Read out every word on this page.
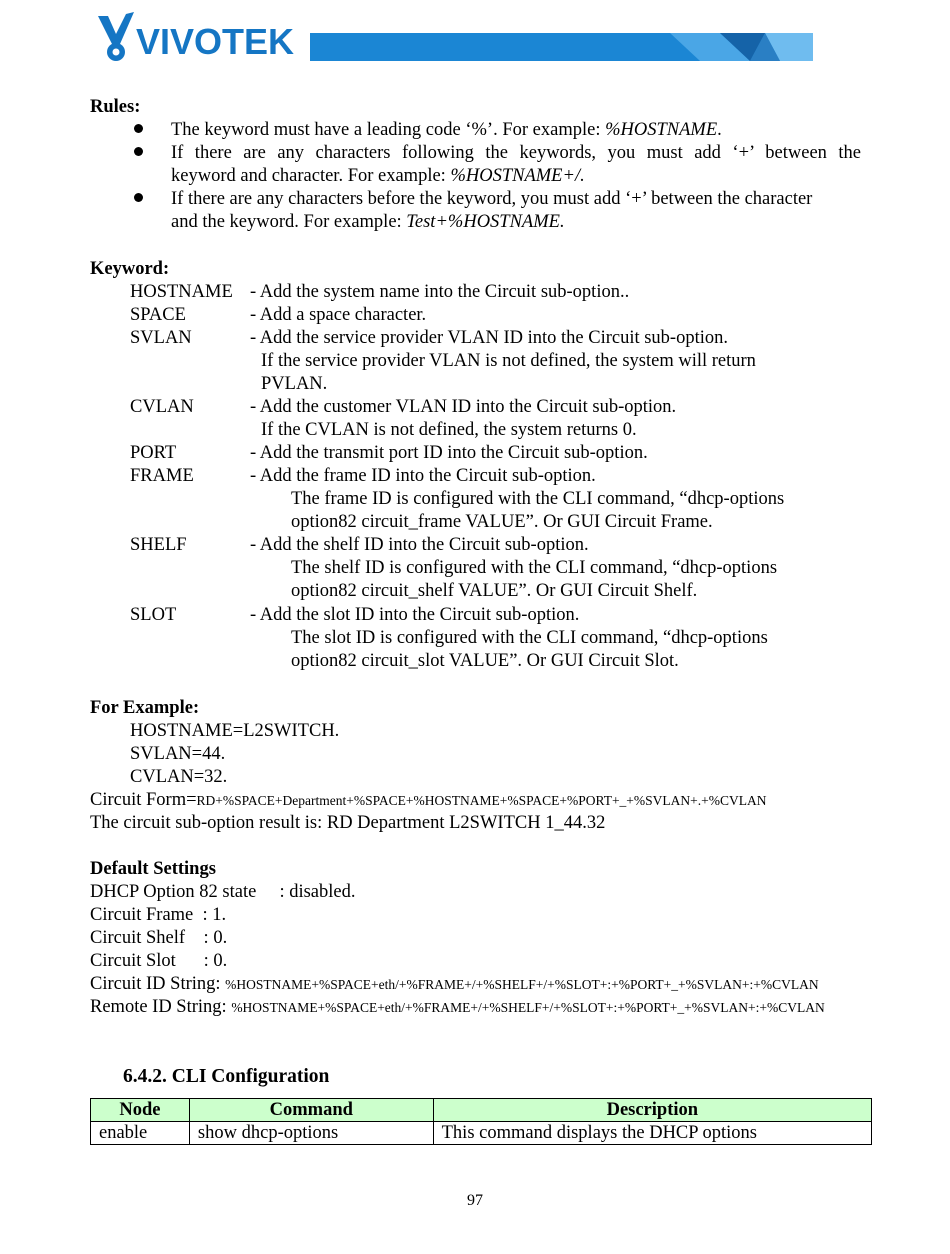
VIVOTEK
Rules:
The keyword must have a leading code ‘%’. For example: %HOSTNAME.
If there are any characters following the keywords, you must add ‘+’ between the
keyword and character. For example: %HOSTNAME+/.
If there are any characters before the keyword, you must add ‘+’ between the character
and the keyword. For example: Test+%HOSTNAME.
Keyword:
HOSTNAME - Add the system name into the Circuit sub-option..
SPACE	- Add a space character.
SVLAN	- Add the service provider VLAN ID into the Circuit sub-option.
If the service provider VLAN is not defined, the system will return
PVLAN.
CVLAN	- Add the customer VLAN ID into the Circuit sub-option.
If the CVLAN is not defined, the system returns 0.
PORT	- Add the transmit port ID into the Circuit sub-option.
FRAME	- Add the frame ID into the Circuit sub-option.
The frame ID is configured with the CLI command, “dhcp-options
option82 circuit_frame VALUE”. Or GUI Circuit Frame.
SHELF	- Add the shelf ID into the Circuit sub-option.
The shelf ID is configured with the CLI command, “dhcp-options
option82 circuit_shelf VALUE”. Or GUI Circuit Shelf.
SLOT	- Add the slot ID into the Circuit sub-option.
The slot ID is configured with the CLI command, “dhcp-options
option82 circuit_slot VALUE”. Or GUI Circuit Slot.
For Example:
HOSTNAME=L2SWITCH.
SVLAN=44.
CVLAN=32.
Circuit Form=RD+%SPACE+Department+%SPACE+%HOSTNAME+%SPACE+%PORT+_+%SVLAN+.+%CVLAN
The circuit sub-option result is: RD Department L2SWITCH 1_44.32
Default Settings
DHCP Option 82 state     : disabled.
Circuit Frame  : 1.
Circuit Shelf    : 0.
Circuit Slot      : 0.
Circuit ID String: %HOSTNAME+%SPACE+eth/+%FRAME+/+%SHELF+/+%SLOT+:+%PORT+_+%SVLAN+:+%CVLAN
Remote ID String: %HOSTNAME+%SPACE+eth/+%FRAME+/+%SHELF+/+%SLOT+:+%PORT+_+%SVLAN+:+%CVLAN
6.4.2. CLI Configuration
Node	Command	Description
enable	show dhcp-options	This command displays the DHCP options
97
